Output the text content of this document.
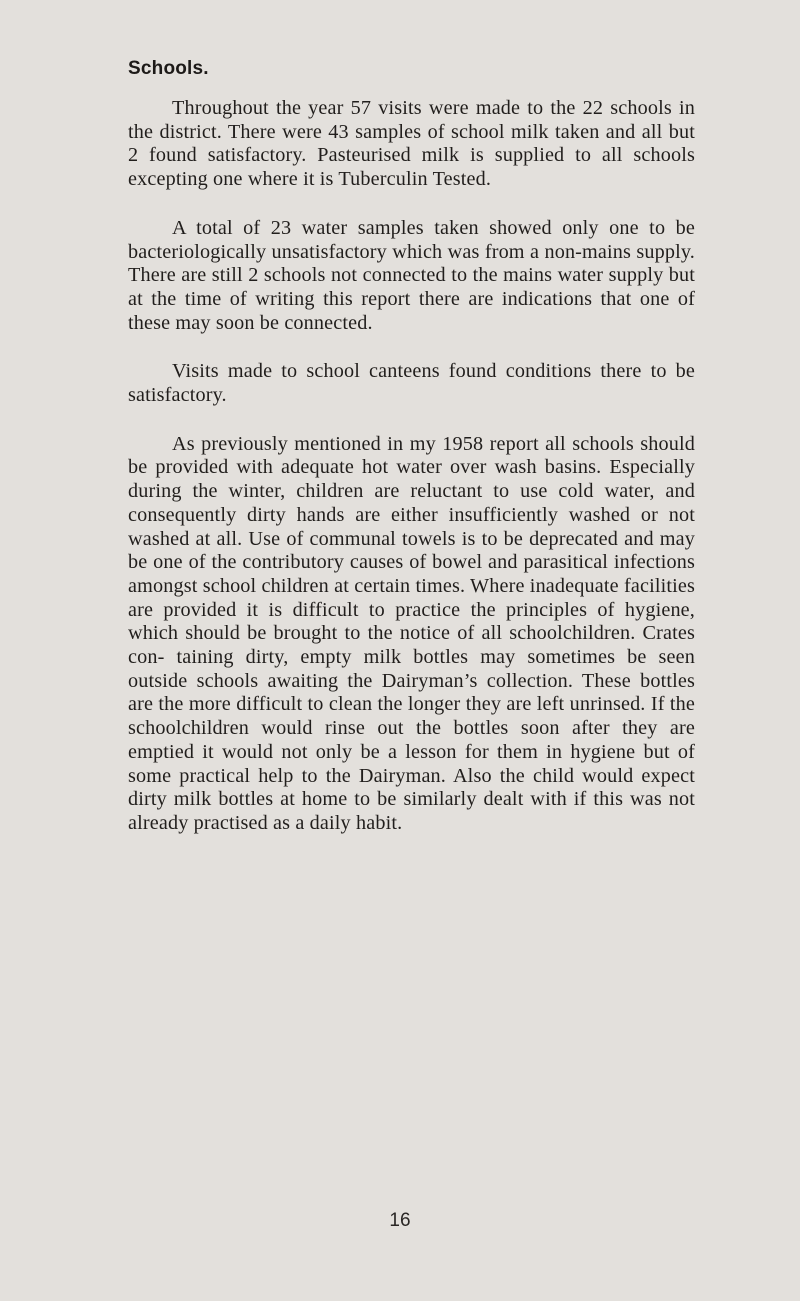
Schools.

Throughout the year 57 visits were made to the 22 schools in the district. There were 43 samples of school milk taken and all but 2 found satisfactory. Pasteurised milk is supplied to all schools excepting one where it is Tuberculin Tested.

A total of 23 water samples taken showed only one to be bacteriologically unsatisfactory which was from a non-mains supply. There are still 2 schools not connected to the mains water supply but at the time of writing this report there are indications that one of these may soon be connected.

Visits made to school canteens found conditions there to be satisfactory.

As previously mentioned in my 1958 report all schools should be provided with adequate hot water over wash basins. Especially during the winter, children are reluctant to use cold water, and consequently dirty hands are either insufficiently washed or not washed at all. Use of communal towels is to be deprecated and may be one of the contributory causes of bowel and parasitical infections amongst school children at certain times. Where inadequate facilities are provided it is difficult to practice the principles of hygiene, which should be brought to the notice of all schoolchildren. Crates con- taining dirty, empty milk bottles may sometimes be seen outside schools awaiting the Dairyman’s collection. These bottles are the more difficult to clean the longer they are left unrinsed. If the schoolchildren would rinse out the bottles soon after they are emptied it would not only be a lesson for them in hygiene but of some practical help to the Dairyman. Also the child would expect dirty milk bottles at home to be similarly dealt with if this was not already practised as a daily habit.

16
